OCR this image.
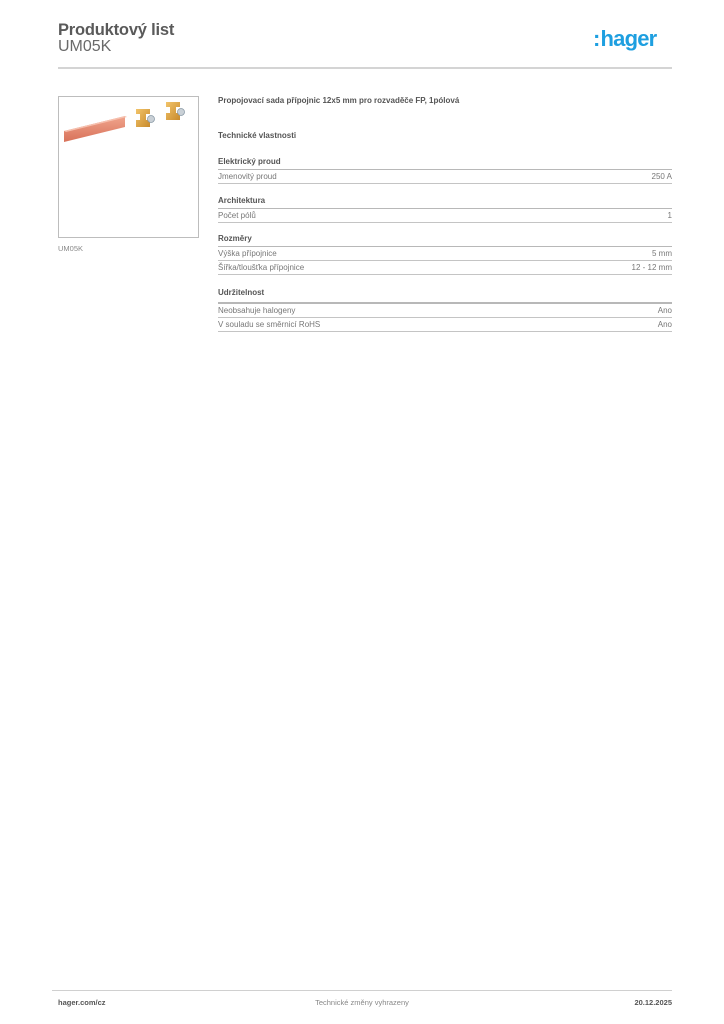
Produktový list
UM05K	:hager
UM05K
Propojovací sada přípojnic 12x5 mm pro rozvaděče FP, 1pólová
Technické vlastnosti
Elektrický proud
Jmenovitý proud	250 A
Architektura
Počet pólů	1
Rozměry
Výška přípojnice	5 mm
Šířka/tloušťka přípojnice	12 - 12 mm
Udržitelnost
Neobsahuje halogeny	Ano
V souladu se směrnicí RoHS	Ano
hager.com/cz	Technické změny vyhrazeny	20.12.2025
